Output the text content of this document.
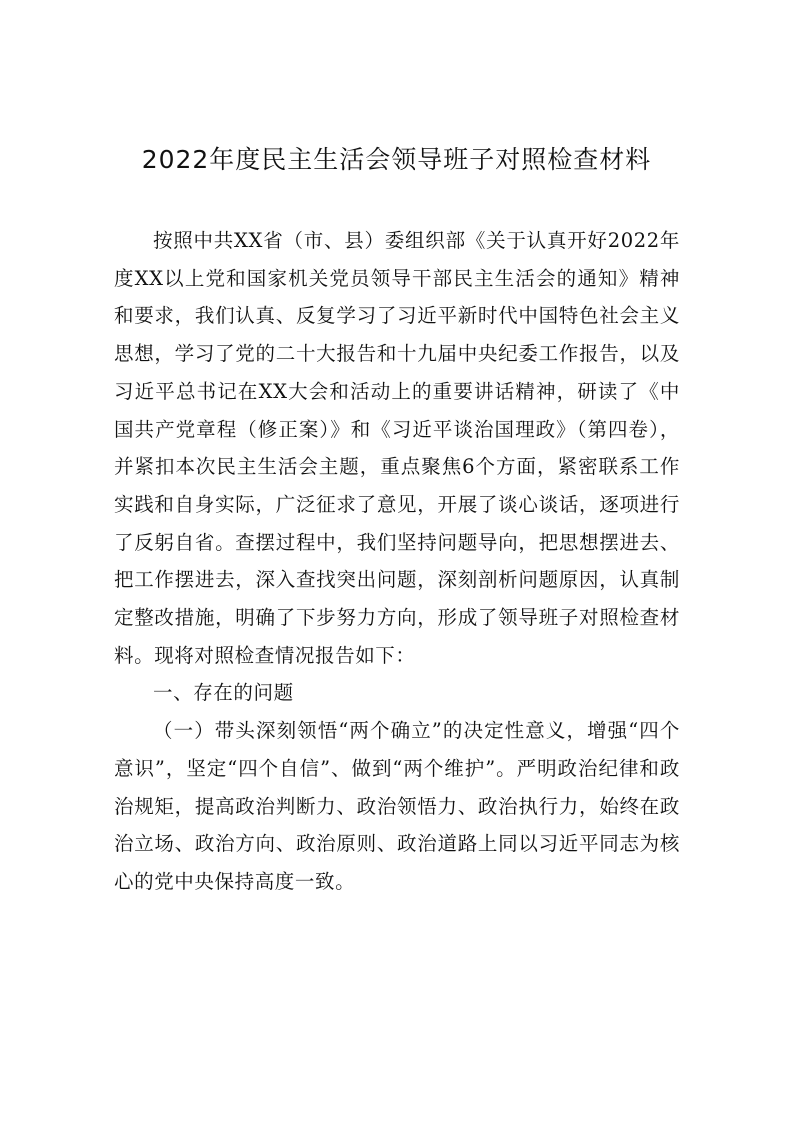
2022年度民主生活会领导班子对照检查材料

按照中共XX省（市、县）委组织部《关于认真开好2022年度XX以上党和国家机关党员领导干部民主生活会的通知》精神和要求，我们认真、反复学习了习近平新时代中国特色社会主义思想，学习了党的二十大报告和十九届中央纪委工作报告，以及习近平总书记在XX大会和活动上的重要讲话精神，研读了《中国共产党章程（修正案）》和《习近平谈治国理政》（第四卷），并紧扣本次民主生活会主题，重点聚焦6个方面，紧密联系工作实践和自身实际，广泛征求了意见，开展了谈心谈话，逐项进行了反躬自省。查摆过程中，我们坚持问题导向，把思想摆进去、把工作摆进去，深入查找突出问题，深刻剖析问题原因，认真制定整改措施，明确了下步努力方向，形成了领导班子对照检查材料。现将对照检查情况报告如下：

一、存在的问题

（一）带头深刻领悟“两个确立”的决定性意义，增强“四个意识”，坚定“四个自信”、做到“两个维护”。严明政治纪律和政治规矩，提高政治判断力、政治领悟力、政治执行力，始终在政治立场、政治方向、政治原则、政治道路上同以习近平同志为核心的党中央保持高度一致。
